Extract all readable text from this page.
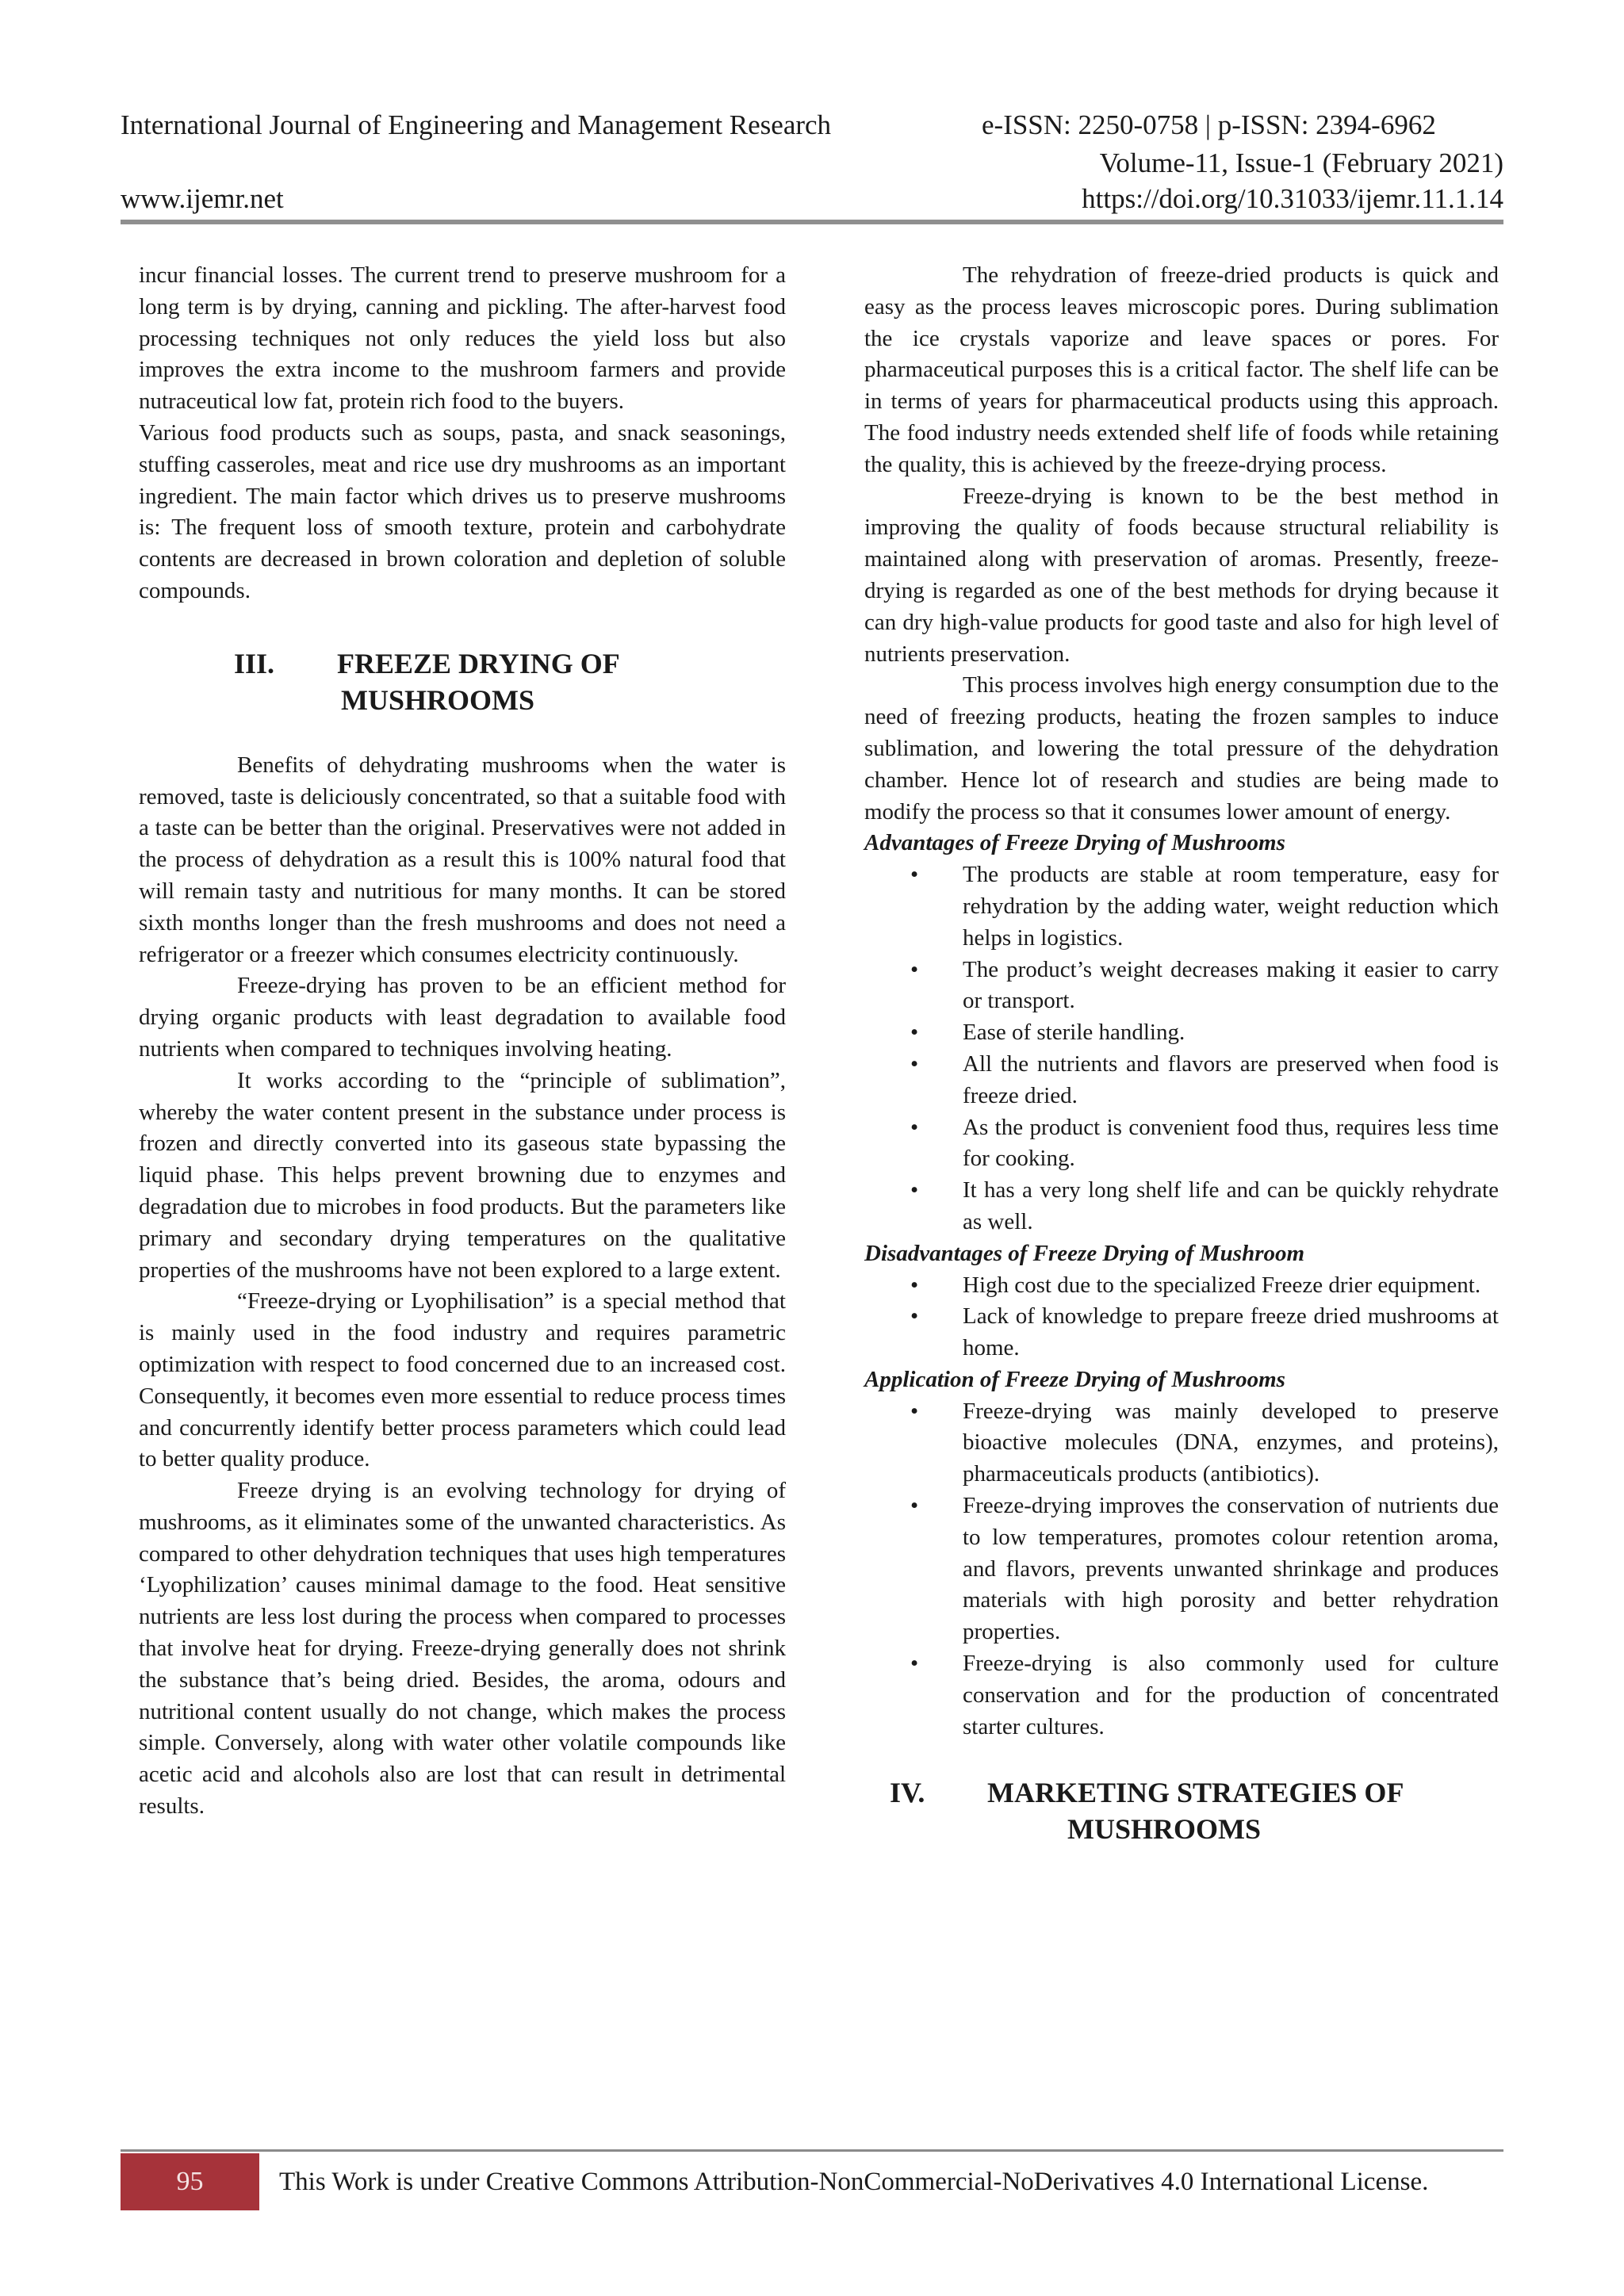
International Journal of Engineering and Management Research	e-ISSN: 2250-0758 | p-ISSN: 2394-6962
Volume-11, Issue-1 (February 2021)
www.ijemr.net	https://doi.org/10.31033/ijemr.11.1.14

incur financial losses. The current trend to preserve mushroom for a long term is by drying, canning and pickling. The after-harvest food processing techniques not only reduces the yield loss but also improves the extra income to the mushroom farmers and provide nutraceutical low fat, protein rich food to the buyers.

Various food products such as soups, pasta, and snack seasonings, stuffing casseroles, meat and rice use dry mushrooms as an important ingredient. The main factor which drives us to preserve mushrooms is: The frequent loss of smooth texture, protein and carbohydrate contents are decreased in brown coloration and depletion of soluble compounds.

III. FREEZE DRYING OF
MUSHROOMS

Benefits of dehydrating mushrooms when the water is removed, taste is deliciously concentrated, so that a suitable food with a taste can be better than the original. Preservatives were not added in the process of dehydration as a result this is 100% natural food that will remain tasty and nutritious for many months. It can be stored sixth months longer than the fresh mushrooms and does not need a refrigerator or a freezer which consumes electricity continuously.

Freeze-drying has proven to be an efficient method for drying organic products with least degradation to available food nutrients when compared to techniques involving heating.

It works according to the “principle of sublimation”, whereby the water content present in the substance under process is frozen and directly converted into its gaseous state bypassing the liquid phase. This helps prevent browning due to enzymes and degradation due to microbes in food products. But the parameters like primary and secondary drying temperatures on the qualitative properties of the mushrooms have not been explored to a large extent.

“Freeze-drying or Lyophilisation” is a special method that is mainly used in the food industry and requires parametric optimization with respect to food concerned due to an increased cost. Consequently, it becomes even more essential to reduce process times and concurrently identify better process parameters which could lead to better quality produce.

Freeze drying is an evolving technology for drying of mushrooms, as it eliminates some of the unwanted characteristics. As compared to other dehydration techniques that uses high temperatures ‘Lyophilization’ causes minimal damage to the food. Heat sensitive nutrients are less lost during the process when compared to processes that involve heat for drying. Freeze-drying generally does not shrink the substance that’s being dried. Besides, the aroma, odours and nutritional content usually do not change, which makes the process simple. Conversely, along with water other volatile compounds like acetic acid and alcohols also are lost that can result in detrimental results.

The rehydration of freeze-dried products is quick and easy as the process leaves microscopic pores. During sublimation the ice crystals vaporize and leave spaces or pores. For pharmaceutical purposes this is a critical factor. The shelf life can be in terms of years for pharmaceutical products using this approach. The food industry needs extended shelf life of foods while retaining the quality, this is achieved by the freeze-drying process.

Freeze-drying is known to be the best method in improving the quality of foods because structural reliability is maintained along with preservation of aromas. Presently, freeze-drying is regarded as one of the best methods for drying because it can dry high-value products for good taste and also for high level of nutrients preservation.

This process involves high energy consumption due to the need of freezing products, heating the frozen samples to induce sublimation, and lowering the total pressure of the dehydration chamber. Hence lot of research and studies are being made to modify the process so that it consumes lower amount of energy.

Advantages of Freeze Drying of Mushrooms
• The products are stable at room temperature, easy for rehydration by the adding water, weight reduction which helps in logistics.
• The product’s weight decreases making it easier to carry or transport.
• Ease of sterile handling.
• All the nutrients and flavors are preserved when food is freeze dried.
• As the product is convenient food thus, requires less time for cooking.
• It has a very long shelf life and can be quickly rehydrate as well.
Disadvantages of Freeze Drying of Mushroom
• High cost due to the specialized Freeze drier equipment.
• Lack of knowledge to prepare freeze dried mushrooms at home.
Application of Freeze Drying of Mushrooms
• Freeze-drying was mainly developed to preserve bioactive molecules (DNA, enzymes, and proteins), pharmaceuticals products (antibiotics).
• Freeze-drying improves the conservation of nutrients due to low temperatures, promotes colour retention aroma, and flavors, prevents unwanted shrinkage and produces materials with high porosity and better rehydration properties.
• Freeze-drying is also commonly used for culture conservation and for the production of concentrated starter cultures.
IV. MARKETING STRATEGIES OF
MUSHROOMS
95	This Work is under Creative Commons Attribution-NonCommercial-NoDerivatives 4.0 International License.
